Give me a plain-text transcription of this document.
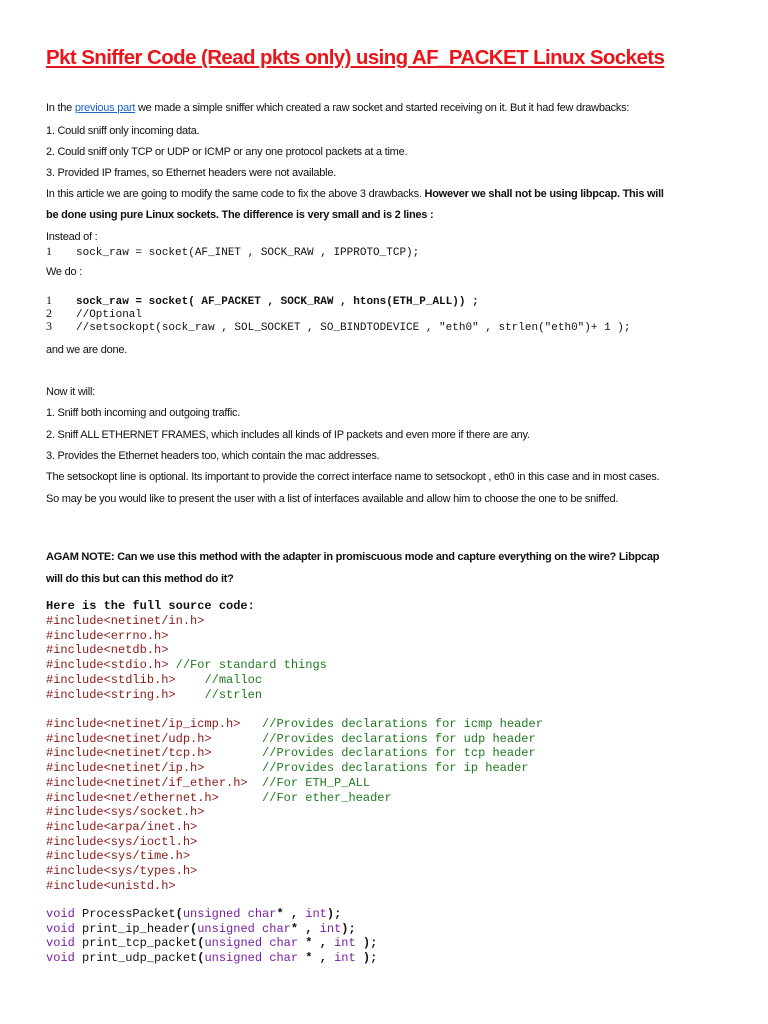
Pkt Sniffer Code (Read pkts only) using AF_PACKET Linux Sockets
In the previous part we made a simple sniffer which created a raw socket and started receiving on it. But it had few drawbacks:
1. Could sniff only incoming data.
2. Could sniff only TCP or UDP or ICMP or any one protocol packets at a time.
3. Provided IP frames, so Ethernet headers were not available.
In this article we are going to modify the same code to fix the above 3 drawbacks. However we shall not be using libpcap. This will
be done using pure Linux sockets. The difference is very small and is 2 lines :
Instead of :
1 sock_raw = socket(AF_INET , SOCK_RAW , IPPROTO_TCP);
We do :
1 sock_raw = socket( AF_PACKET , SOCK_RAW , htons(ETH_P_ALL)) ;
2 //Optional
3 //setsockopt(sock_raw , SOL_SOCKET , SO_BINDTODEVICE , "eth0" , strlen("eth0")+ 1 );
and we are done.
Now it will:
1. Sniff both incoming and outgoing traffic.
2. Sniff ALL ETHERNET FRAMES, which includes all kinds of IP packets and even more if there are any.
3. Provides the Ethernet headers too, which contain the mac addresses.
The setsockopt line is optional. Its important to provide the correct interface name to setsockopt , eth0 in this case and in most cases.
So may be you would like to present the user with a list of interfaces available and allow him to choose the one to be sniffed.
AGAM NOTE: Can we use this method with the adapter in promiscuous mode and capture everything on the wire? Libpcap
will do this but can this method do it?
Here is the full source code:
#include<netinet/in.h>
#include<errno.h>
#include<netdb.h>
#include<stdio.h> //For standard things
#include<stdlib.h>    //malloc
#include<string.h>    //strlen
#include<netinet/ip_icmp.h>   //Provides declarations for icmp header
#include<netinet/udp.h>       //Provides declarations for udp header
#include<netinet/tcp.h>       //Provides declarations for tcp header
#include<netinet/ip.h>        //Provides declarations for ip header
#include<netinet/if_ether.h>  //For ETH_P_ALL
#include<net/ethernet.h>      //For ether_header
#include<sys/socket.h>
#include<arpa/inet.h>
#include<sys/ioctl.h>
#include<sys/time.h>
#include<sys/types.h>
#include<unistd.h>
void ProcessPacket(unsigned char* , int);
void print_ip_header(unsigned char* , int);
void print_tcp_packet(unsigned char * , int );
void print_udp_packet(unsigned char * , int );
